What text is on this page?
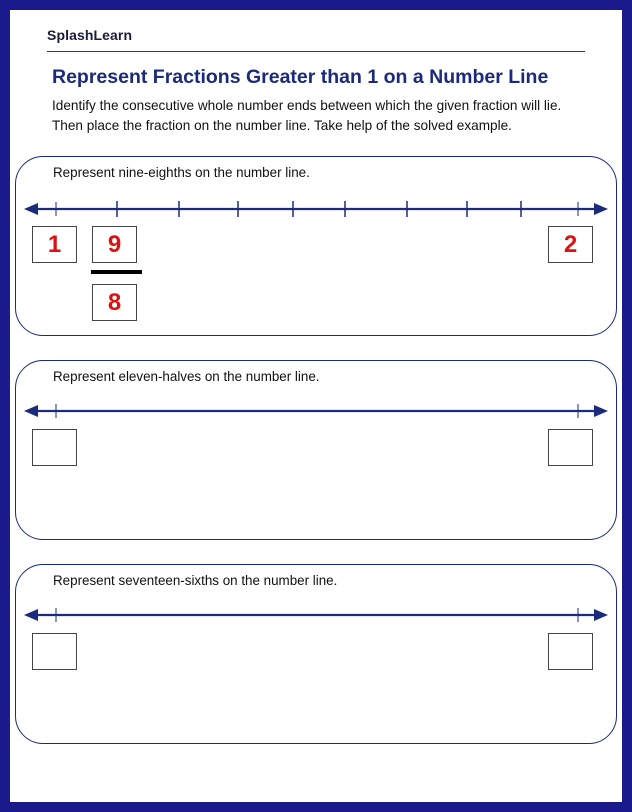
SplashLearn
Represent Fractions Greater than 1 on a Number Line
Identify the consecutive whole number ends between which the given fraction will lie.
Then place the fraction on the number line. Take help of the solved example.
Represent nine-eighths on the number line.
1	9
8
2
Represent eleven-halves on the number line.
Represent seventeen-sixths on the number line.
